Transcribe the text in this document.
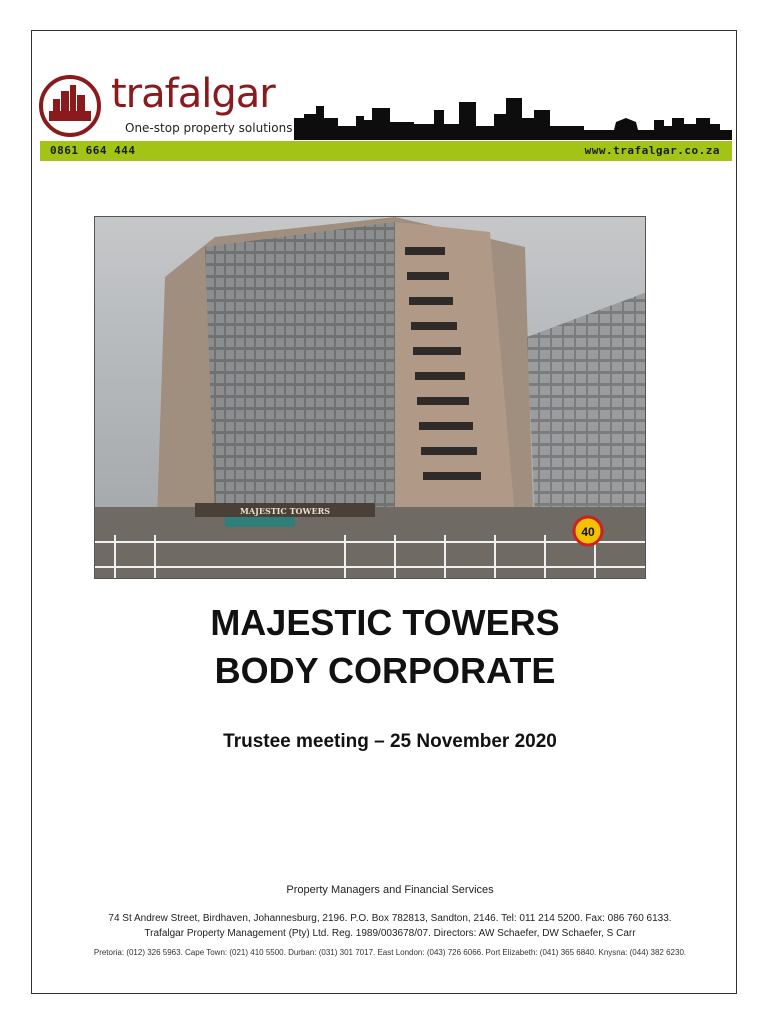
trafalgar
One-stop property solutions
0861 664 444	www.trafalgar.co.za
MAJESTIC TOWERS
40
MAJESTIC TOWERS
BODY CORPORATE
Trustee meeting – 25 November 2020
Property Managers and Financial Services
74 St Andrew Street, Birdhaven, Johannesburg, 2196. P.O. Box 782813, Sandton, 2146. Tel: 011 214 5200. Fax: 086 760 6133.
Trafalgar Property Management (Pty) Ltd. Reg. 1989/003678/07. Directors: AW Schaefer, DW Schaefer, S Carr
Pretoria: (012) 326 5963. Cape Town: (021) 410 5500. Durban: (031) 301 7017. East London: (043) 726 6066. Port Elizabeth: (041) 365 6840. Knysna: (044) 382 6230.
